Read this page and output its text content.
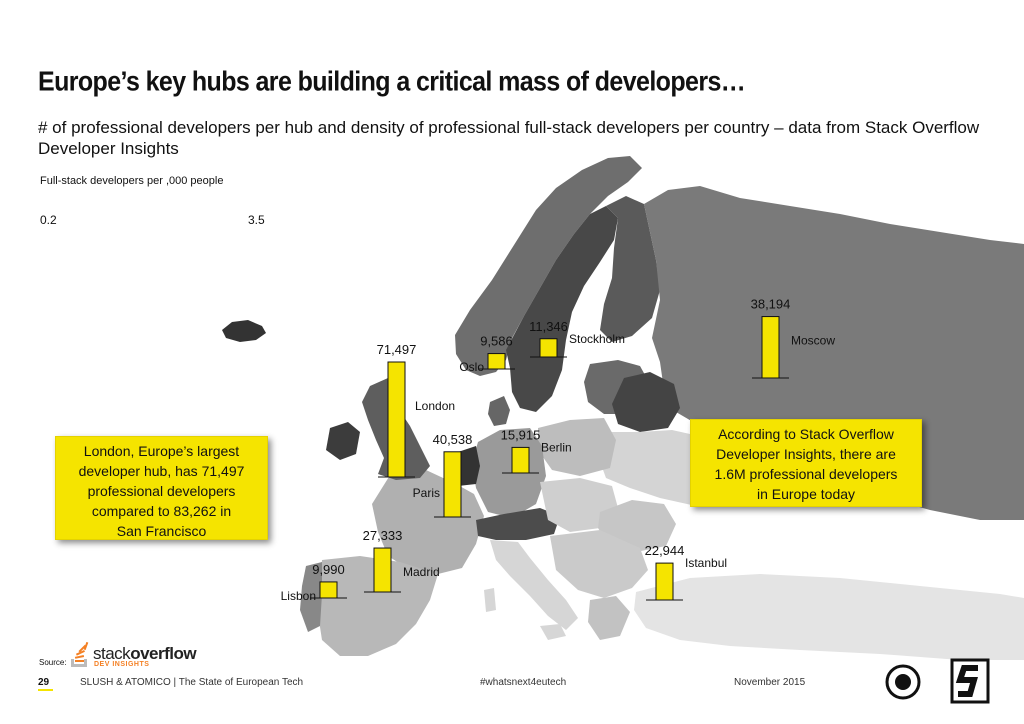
71,497
London
38,194
Moscow
40,538
Paris
27,333
Madrid
22,944
Istanbul
15,915
Berlin
11,346
Stockholm
9,990
Lisbon
9,586
Oslo
Europe’s key hubs are building a critical mass of developers…
# of professional developers per hub and density of professional full-stack developers per country – data from Stack Overflow Developer Insights
Full-stack developers per ,000 people
0.2	3.5
London, Europe’s largest
developer hub, has 71,497
professional developers
compared to 83,262 in
San Francisco
According to Stack Overflow
Developer Insights, there are
1.6M professional developers
in Europe today
Source: stackoverflow
DEV INSIGHTS
29	SLUSH & ATOMICO | The State of European Tech	#whatsnext4eutech	November 2015
